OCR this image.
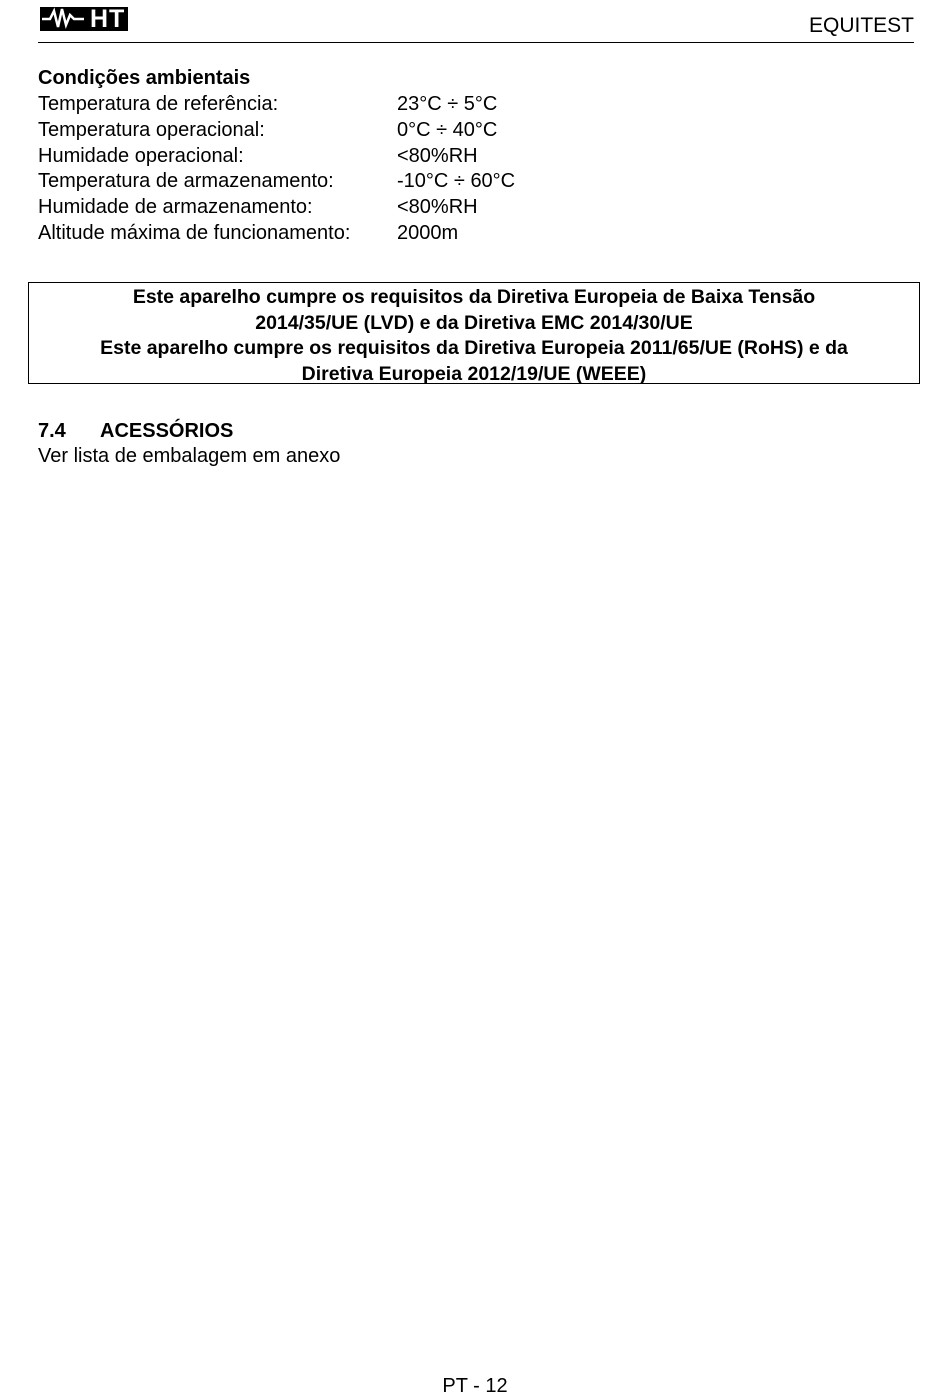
HT	EQUITEST
Condições ambientais
Temperatura de referência:	23°C ÷ 5°C
Temperatura operacional:	0°C ÷ 40°C
Humidade operacional:	<80%RH
Temperatura de armazenamento:	-10°C ÷ 60°C
Humidade de armazenamento:	<80%RH
Altitude máxima de funcionamento:	2000m
Este aparelho cumpre os requisitos da Diretiva Europeia de Baixa Tensão
2014/35/UE (LVD) e da Diretiva EMC 2014/30/UE
Este aparelho cumpre os requisitos da Diretiva Europeia 2011/65/UE (RoHS) e da
Diretiva Europeia 2012/19/UE (WEEE)
7.4 ACESSÓRIOS
Ver lista de embalagem em anexo
PT - 12
